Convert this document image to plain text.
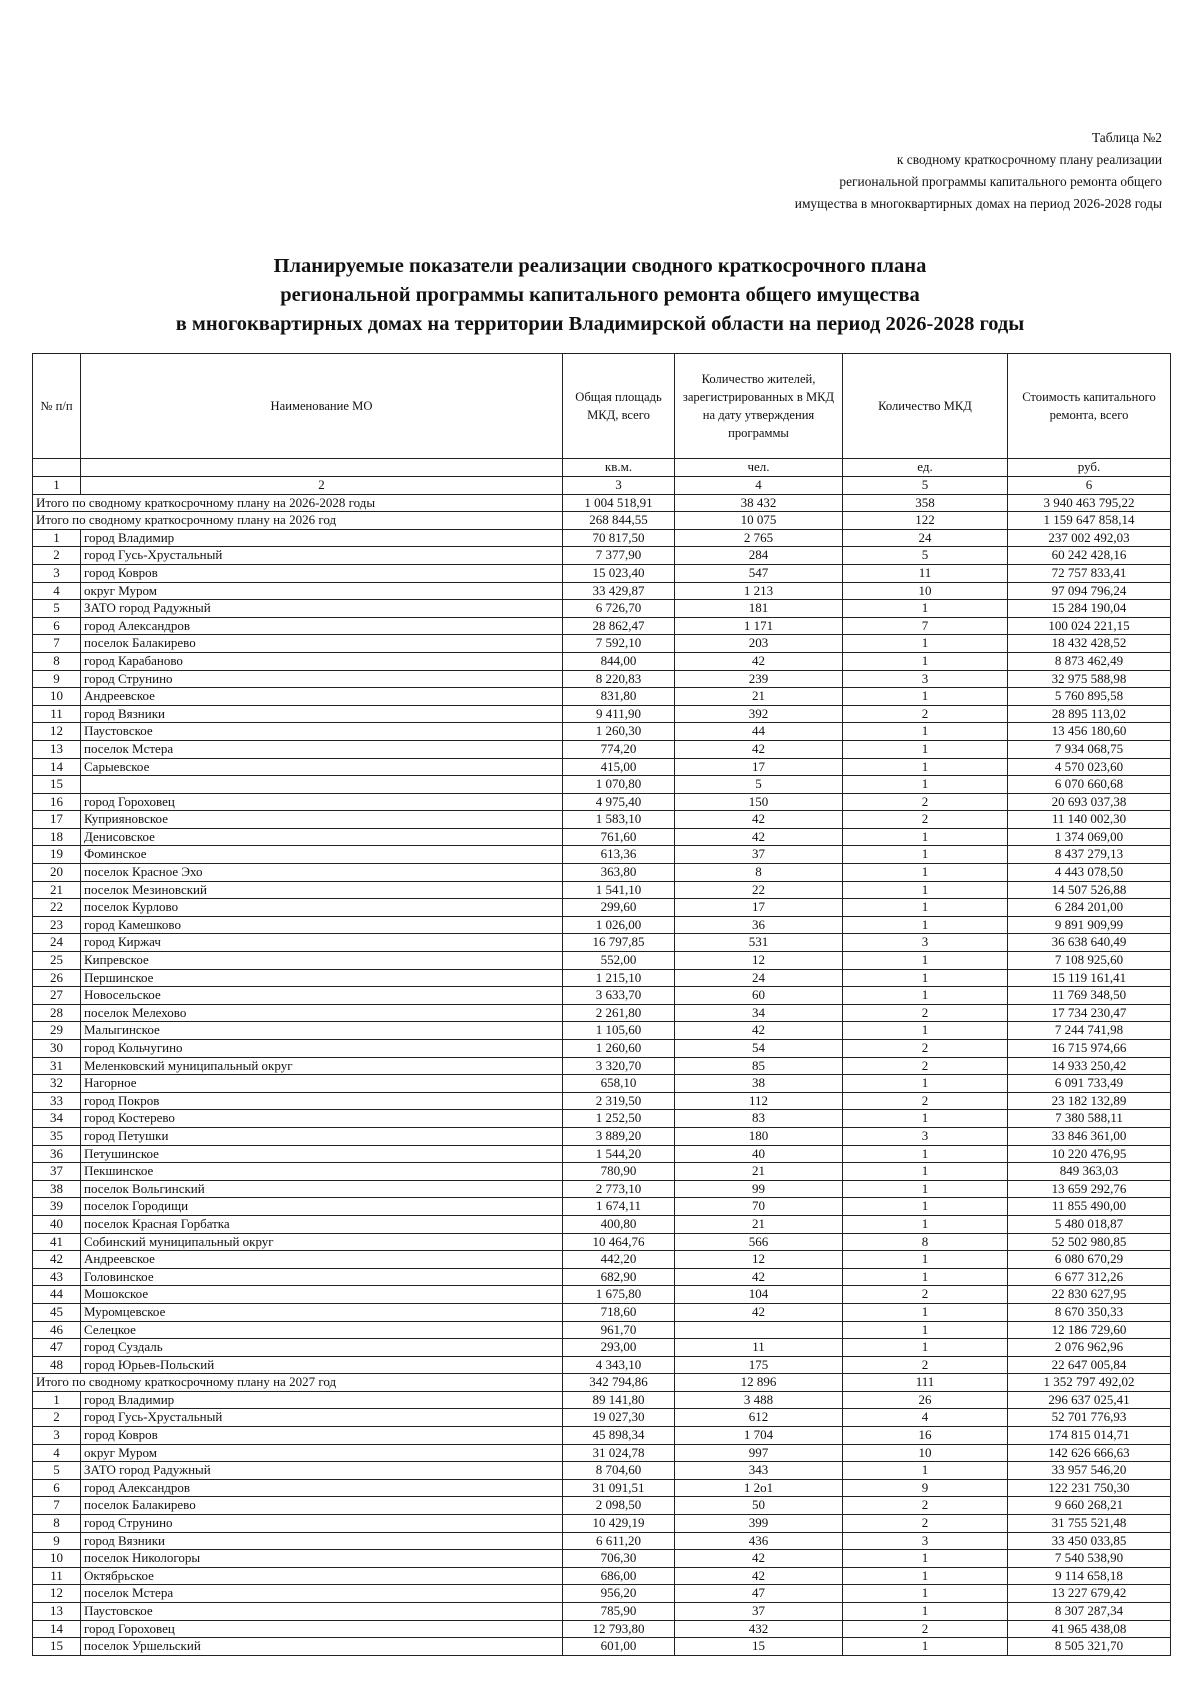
Таблица №2
к сводному краткосрочному плану реализации
региональной программы капитального ремонта общего
имущества в многоквартирных домах на период 2026-2028 годы
Планируемые показатели реализации сводного краткосрочного плана
региональной программы капитального ремонта общего имущества
в многоквартирных домах на территории Владимирской области на период 2026-2028 годы
№ п/п	Наименование МО	Общая площадь МКД, всего	Количество жителей, зарегистрированных в МКД на дату утверждения программы	Количество МКД	Стоимость капитального ремонта, всего
		кв.м.	чел.	ед.	руб.
1	2	3	4	5	6
Итого по сводному краткосрочному плану на 2026-2028 годы		1 004 518,91	38 432	358	3 940 463 795,22
Итого по сводному краткосрочному плану на 2026 год		268 844,55	10 075	122	1 159 647 858,14
1	город Владимир	70 817,50	2 765	24	237 002 492,03
2	город Гусь-Хрустальный	7 377,90	284	5	60 242 428,16
3	город Ковров	15 023,40	547	11	72 757 833,41
4	округ Муром	33 429,87	1 213	10	97 094 796,24
5	ЗАТО город Радужный	6 726,70	181	1	15 284 190,04
6	город Александров	28 862,47	1 171	7	100 024 221,15
7	поселок Балакирево	7 592,10	203	1	18 432 428,52
8	город Карабаново	844,00	42	1	8 873 462,49
9	город Струнино	8 220,83	239	3	32 975 588,98
10	Андреевское	831,80	21	1	5 760 895,58
11	город Вязники	9 411,90	392	2	28 895 113,02
12	Паустовское	1 260,30	44	1	13 456 180,60
13	поселок Мстера	774,20	42	1	7 934 068,75
14	Сарыевское	415,00	17	1	4 570 023,60
15		1 070,80	5	1	6 070 660,68
16	город Гороховец	4 975,40	150	2	20 693 037,38
17	Куприяновское	1 583,10	42	2	11 140 002,30
18	Денисовское	761,60	42	1	1 374 069,00
19	Фоминское	613,36	37	1	8 437 279,13
20	поселок Красное Эхо	363,80	8	1	4 443 078,50
21	поселок Мезиновский	1 541,10	22	1	14 507 526,88
22	поселок Курлово	299,60	17	1	6 284 201,00
23	город Камешково	1 026,00	36	1	9 891 909,99
24	город Киржач	16 797,85	531	3	36 638 640,49
25	Кипревское	552,00	12	1	7 108 925,60
26	Першинское	1 215,10	24	1	15 119 161,41
27	Новосельское	3 633,70	60	1	11 769 348,50
28	поселок Мелехово	2 261,80	34	2	17 734 230,47
29	Малыгинское	1 105,60	42	1	7 244 741,98
30	город Кольчугино	1 260,60	54	2	16 715 974,66
31	Меленковский муниципальный округ	3 320,70	85	2	14 933 250,42
32	Нагорное	658,10	38	1	6 091 733,49
33	город Покров	2 319,50	112	2	23 182 132,89
34	город Костерево	1 252,50	83	1	7 380 588,11
35	город Петушки	3 889,20	180	3	33 846 361,00
36	Петушинское	1 544,20	40	1	10 220 476,95
37	Пекшинское	780,90	21	1	849 363,03
38	поселок Вольгинский	2 773,10	99	1	13 659 292,76
39	поселок Городищи	1 674,11	70	1	11 855 490,00
40	поселок Красная Горбатка	400,80	21	1	5 480 018,87
41	Собинский муниципальный округ	10 464,76	566	8	52 502 980,85
42	Андреевское	442,20	12	1	6 080 670,29
43	Головинское	682,90	42	1	6 677 312,26
44	Мошокское	1 675,80	104	2	22 830 627,95
45	Муромцевское	718,60	42	1	8 670 350,33
46	Селецкое	961,70		1	12 186 729,60
47	город Суздаль	293,00	11	1	2 076 962,96
48	город Юрьев-Польский	4 343,10	175	2	22 647 005,84
Итого по сводному краткосрочному плану на 2027 год		342 794,86	12 896	111	1 352 797 492,02
1	город Владимир	89 141,80	3 488	26	296 637 025,41
2	город Гусь-Хрустальный	19 027,30	612	4	52 701 776,93
3	город Ковров	45 898,34	1 704	16	174 815 014,71
4	округ Муром	31 024,78	997	10	142 626 666,63
5	ЗАТО город Радужный	8 704,60	343	1	33 957 546,20
6	город Александров	31 091,51	1 2о1	9	122 231 750,30
7	поселок Балакирево	2 098,50	50	2	9 660 268,21
8	город Струнино	10 429,19	399	2	31 755 521,48
9	город Вязники	6 611,20	436	3	33 450 033,85
10	поселок Никологоры	706,30	42	1	7 540 538,90
11	Октябрьское	686,00	42	1	9 114 658,18
12	поселок Мстера	956,20	47	1	13 227 679,42
13	Паустовское	785,90	37	1	8 307 287,34
14	город Гороховец	12 793,80	432	2	41 965 438,08
15	поселок Уршельский	601,00	15	1	8 505 321,70
